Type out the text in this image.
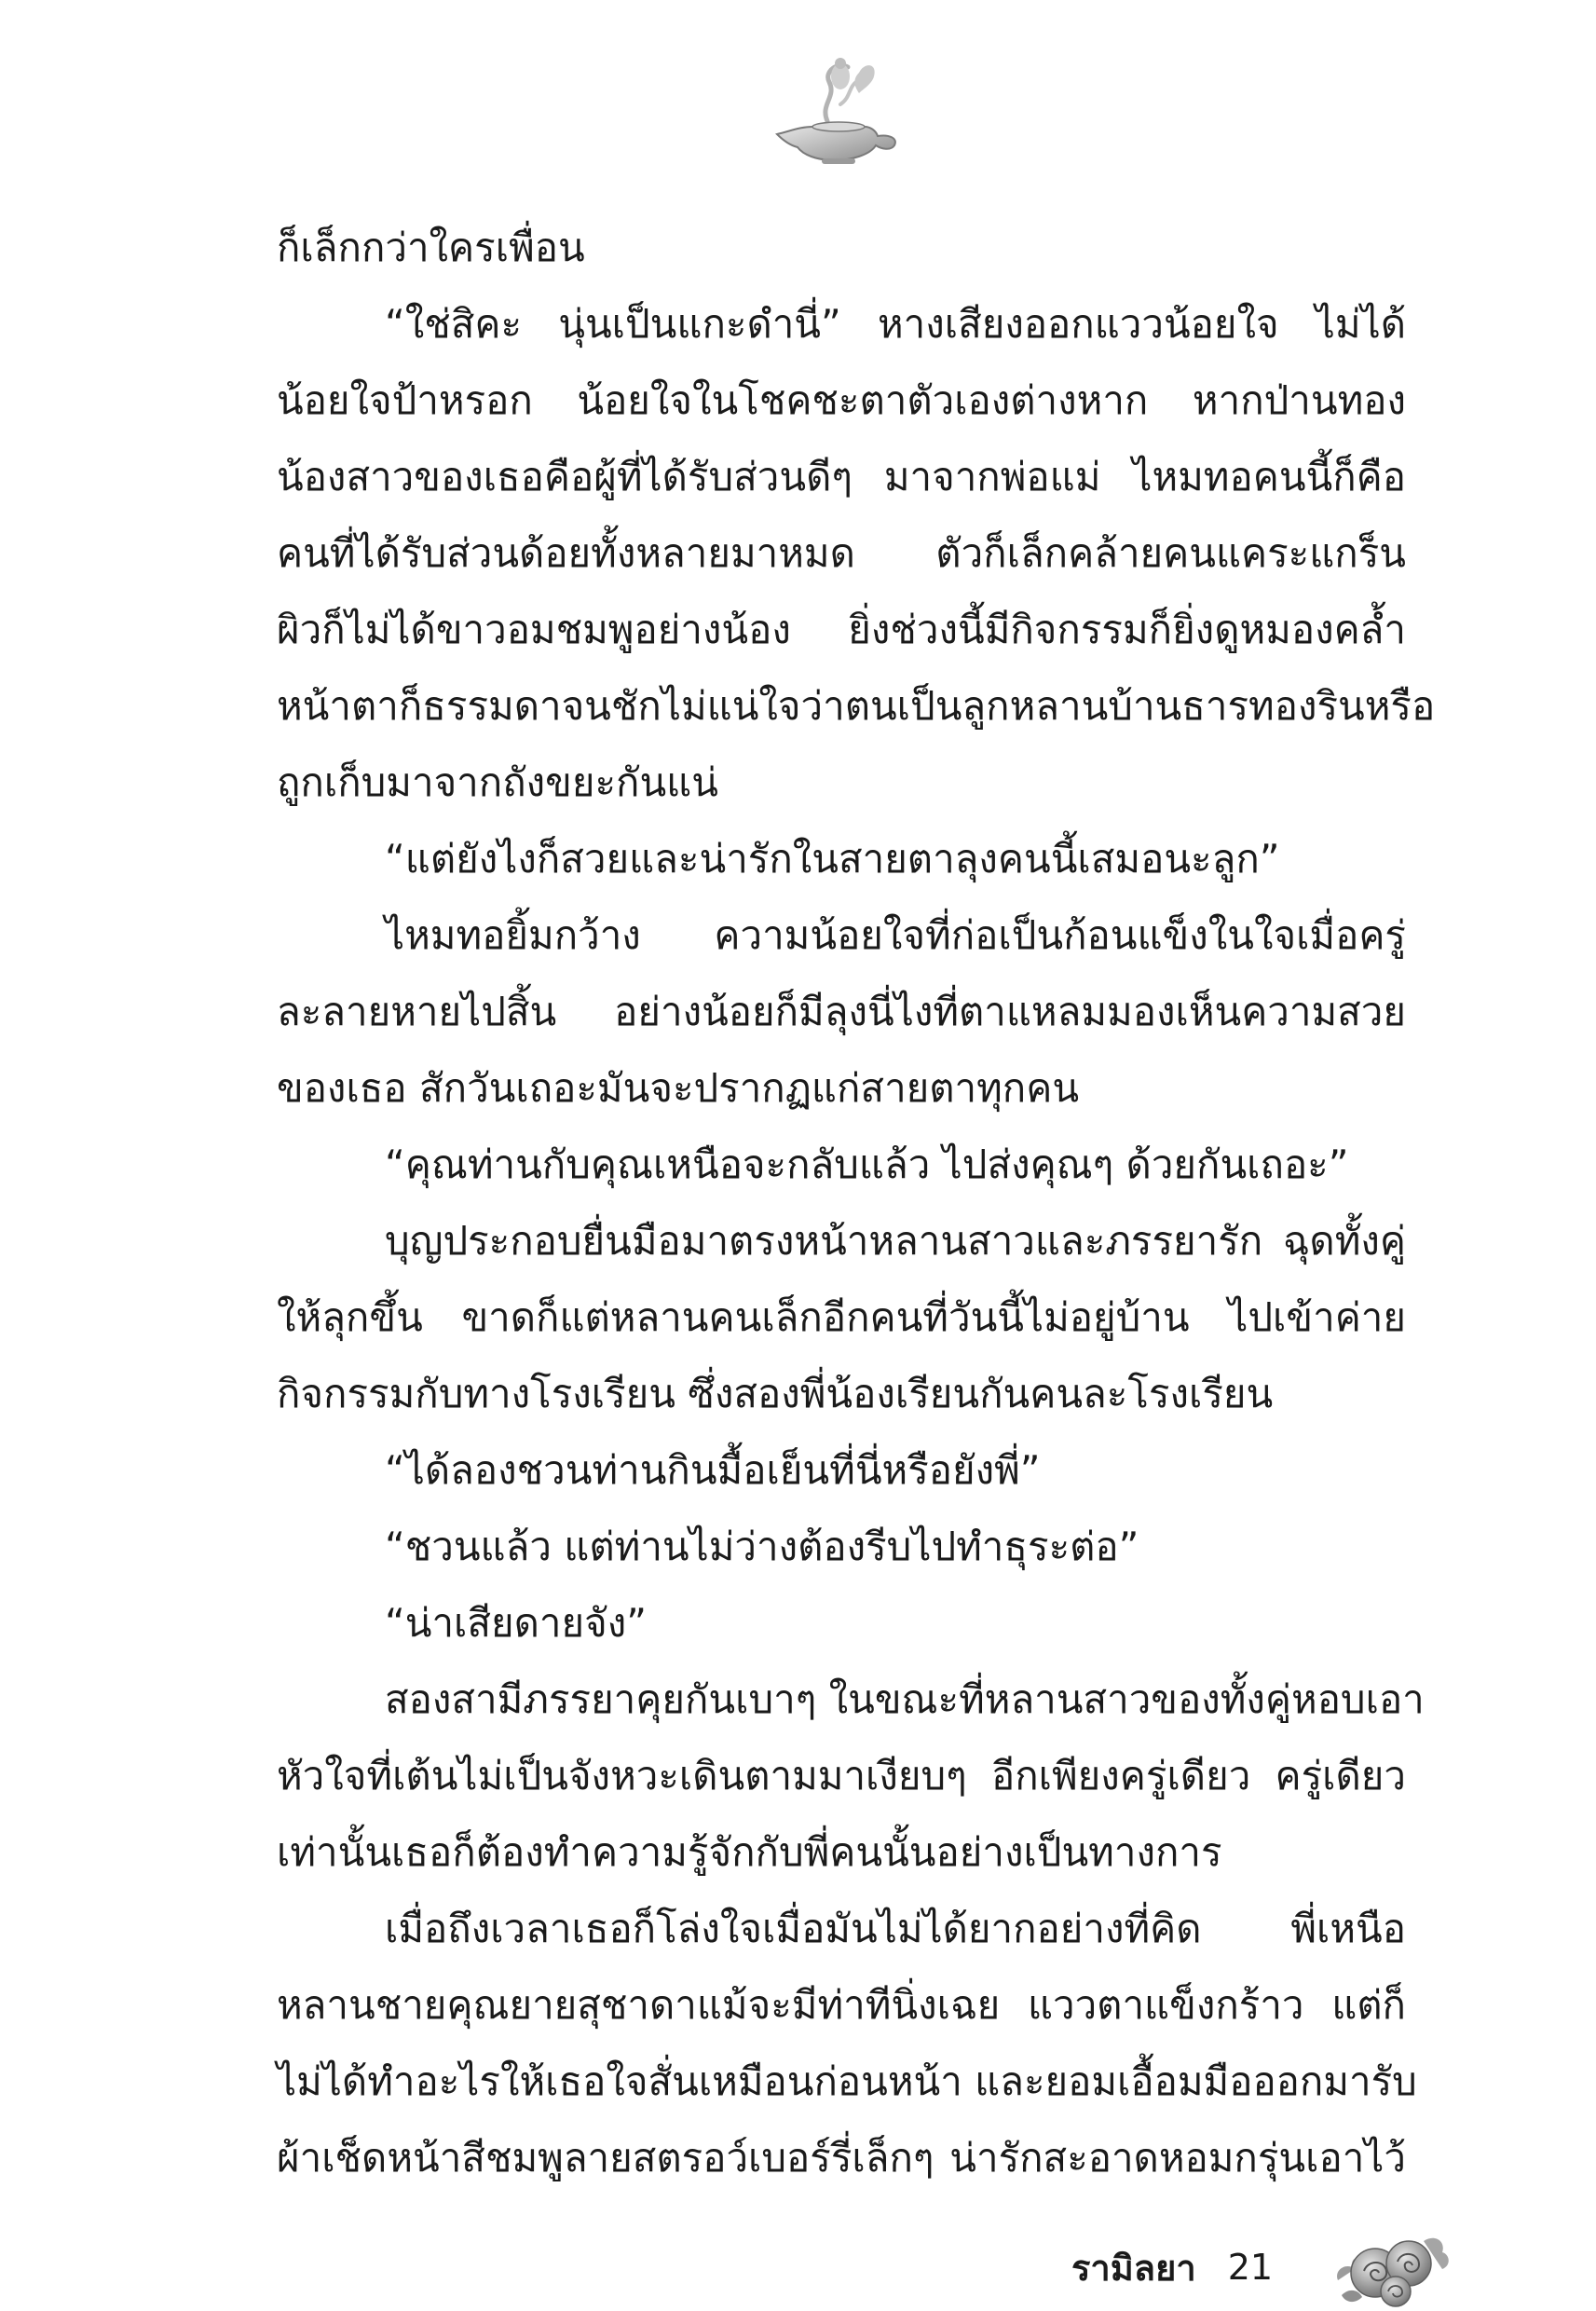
ก็เล็กกว่าใครเพื่อน
“ใช่สิคะ นุ่นเป็นแกะดำนี่” หางเสียงออกแววน้อยใจ ไม่ได้
น้อยใจป้าหรอก น้อยใจในโชคชะตาตัวเองต่างหาก หากป่านทอง
น้องสาวของเธอคือผู้ที่ได้รับส่วนดีๆ มาจากพ่อแม่ ไหมทอคนนี้ก็คือ
คนที่ได้รับส่วนด้อยทั้งหลายมาหมด ตัวก็เล็กคล้ายคนแคระแกร็น
ผิวก็ไม่ได้ขาวอมชมพูอย่างน้อง ยิ่งช่วงนี้มีกิจกรรมก็ยิ่งดูหมองคล้ำ
หน้าตาก็ธรรมดาจนชักไม่แน่ใจว่าตนเป็นลูกหลานบ้านธารทองรินหรือ
ถูกเก็บมาจากถังขยะกันแน่
“แต่ยังไงก็สวยและน่ารักในสายตาลุงคนนี้เสมอนะลูก”
ไหมทอยิ้มกว้าง ความน้อยใจที่ก่อเป็นก้อนแข็งในใจเมื่อครู่
ละลายหายไปสิ้น อย่างน้อยก็มีลุงนี่ไงที่ตาแหลมมองเห็นความสวย
ของเธอ สักวันเถอะมันจะปรากฏแก่สายตาทุกคน
“คุณท่านกับคุณเหนือจะกลับแล้ว ไปส่งคุณๆ ด้วยกันเถอะ”
บุญประกอบยื่นมือมาตรงหน้าหลานสาวและภรรยารัก ฉุดทั้งคู่
ให้ลุกขึ้น ขาดก็แต่หลานคนเล็กอีกคนที่วันนี้ไม่อยู่บ้าน ไปเข้าค่าย
กิจกรรมกับทางโรงเรียน ซึ่งสองพี่น้องเรียนกันคนละโรงเรียน
“ได้ลองชวนท่านกินมื้อเย็นที่นี่หรือยังพี่”
“ชวนแล้ว แต่ท่านไม่ว่างต้องรีบไปทำธุระต่อ”
“น่าเสียดายจัง”
สองสามีภรรยาคุยกันเบาๆ ในขณะที่หลานสาวของทั้งคู่หอบเอา
หัวใจที่เต้นไม่เป็นจังหวะเดินตามมาเงียบๆ อีกเพียงครู่เดียว ครู่เดียว
เท่านั้นเธอก็ต้องทำความรู้จักกับพี่คนนั้นอย่างเป็นทางการ
เมื่อถึงเวลาเธอก็โล่งใจเมื่อมันไม่ได้ยากอย่างที่คิด พี่เหนือ
หลานชายคุณยายสุชาดาแม้จะมีท่าทีนิ่งเฉย แววตาแข็งกร้าว แต่ก็
ไม่ได้ทำอะไรให้เธอใจสั่นเหมือนก่อนหน้า และยอมเอื้อมมือออกมารับ
ผ้าเช็ดหน้าสีชมพูลายสตรอว์เบอร์รี่เล็กๆ น่ารักสะอาดหอมกรุ่นเอาไว้
รามิลยา 21
